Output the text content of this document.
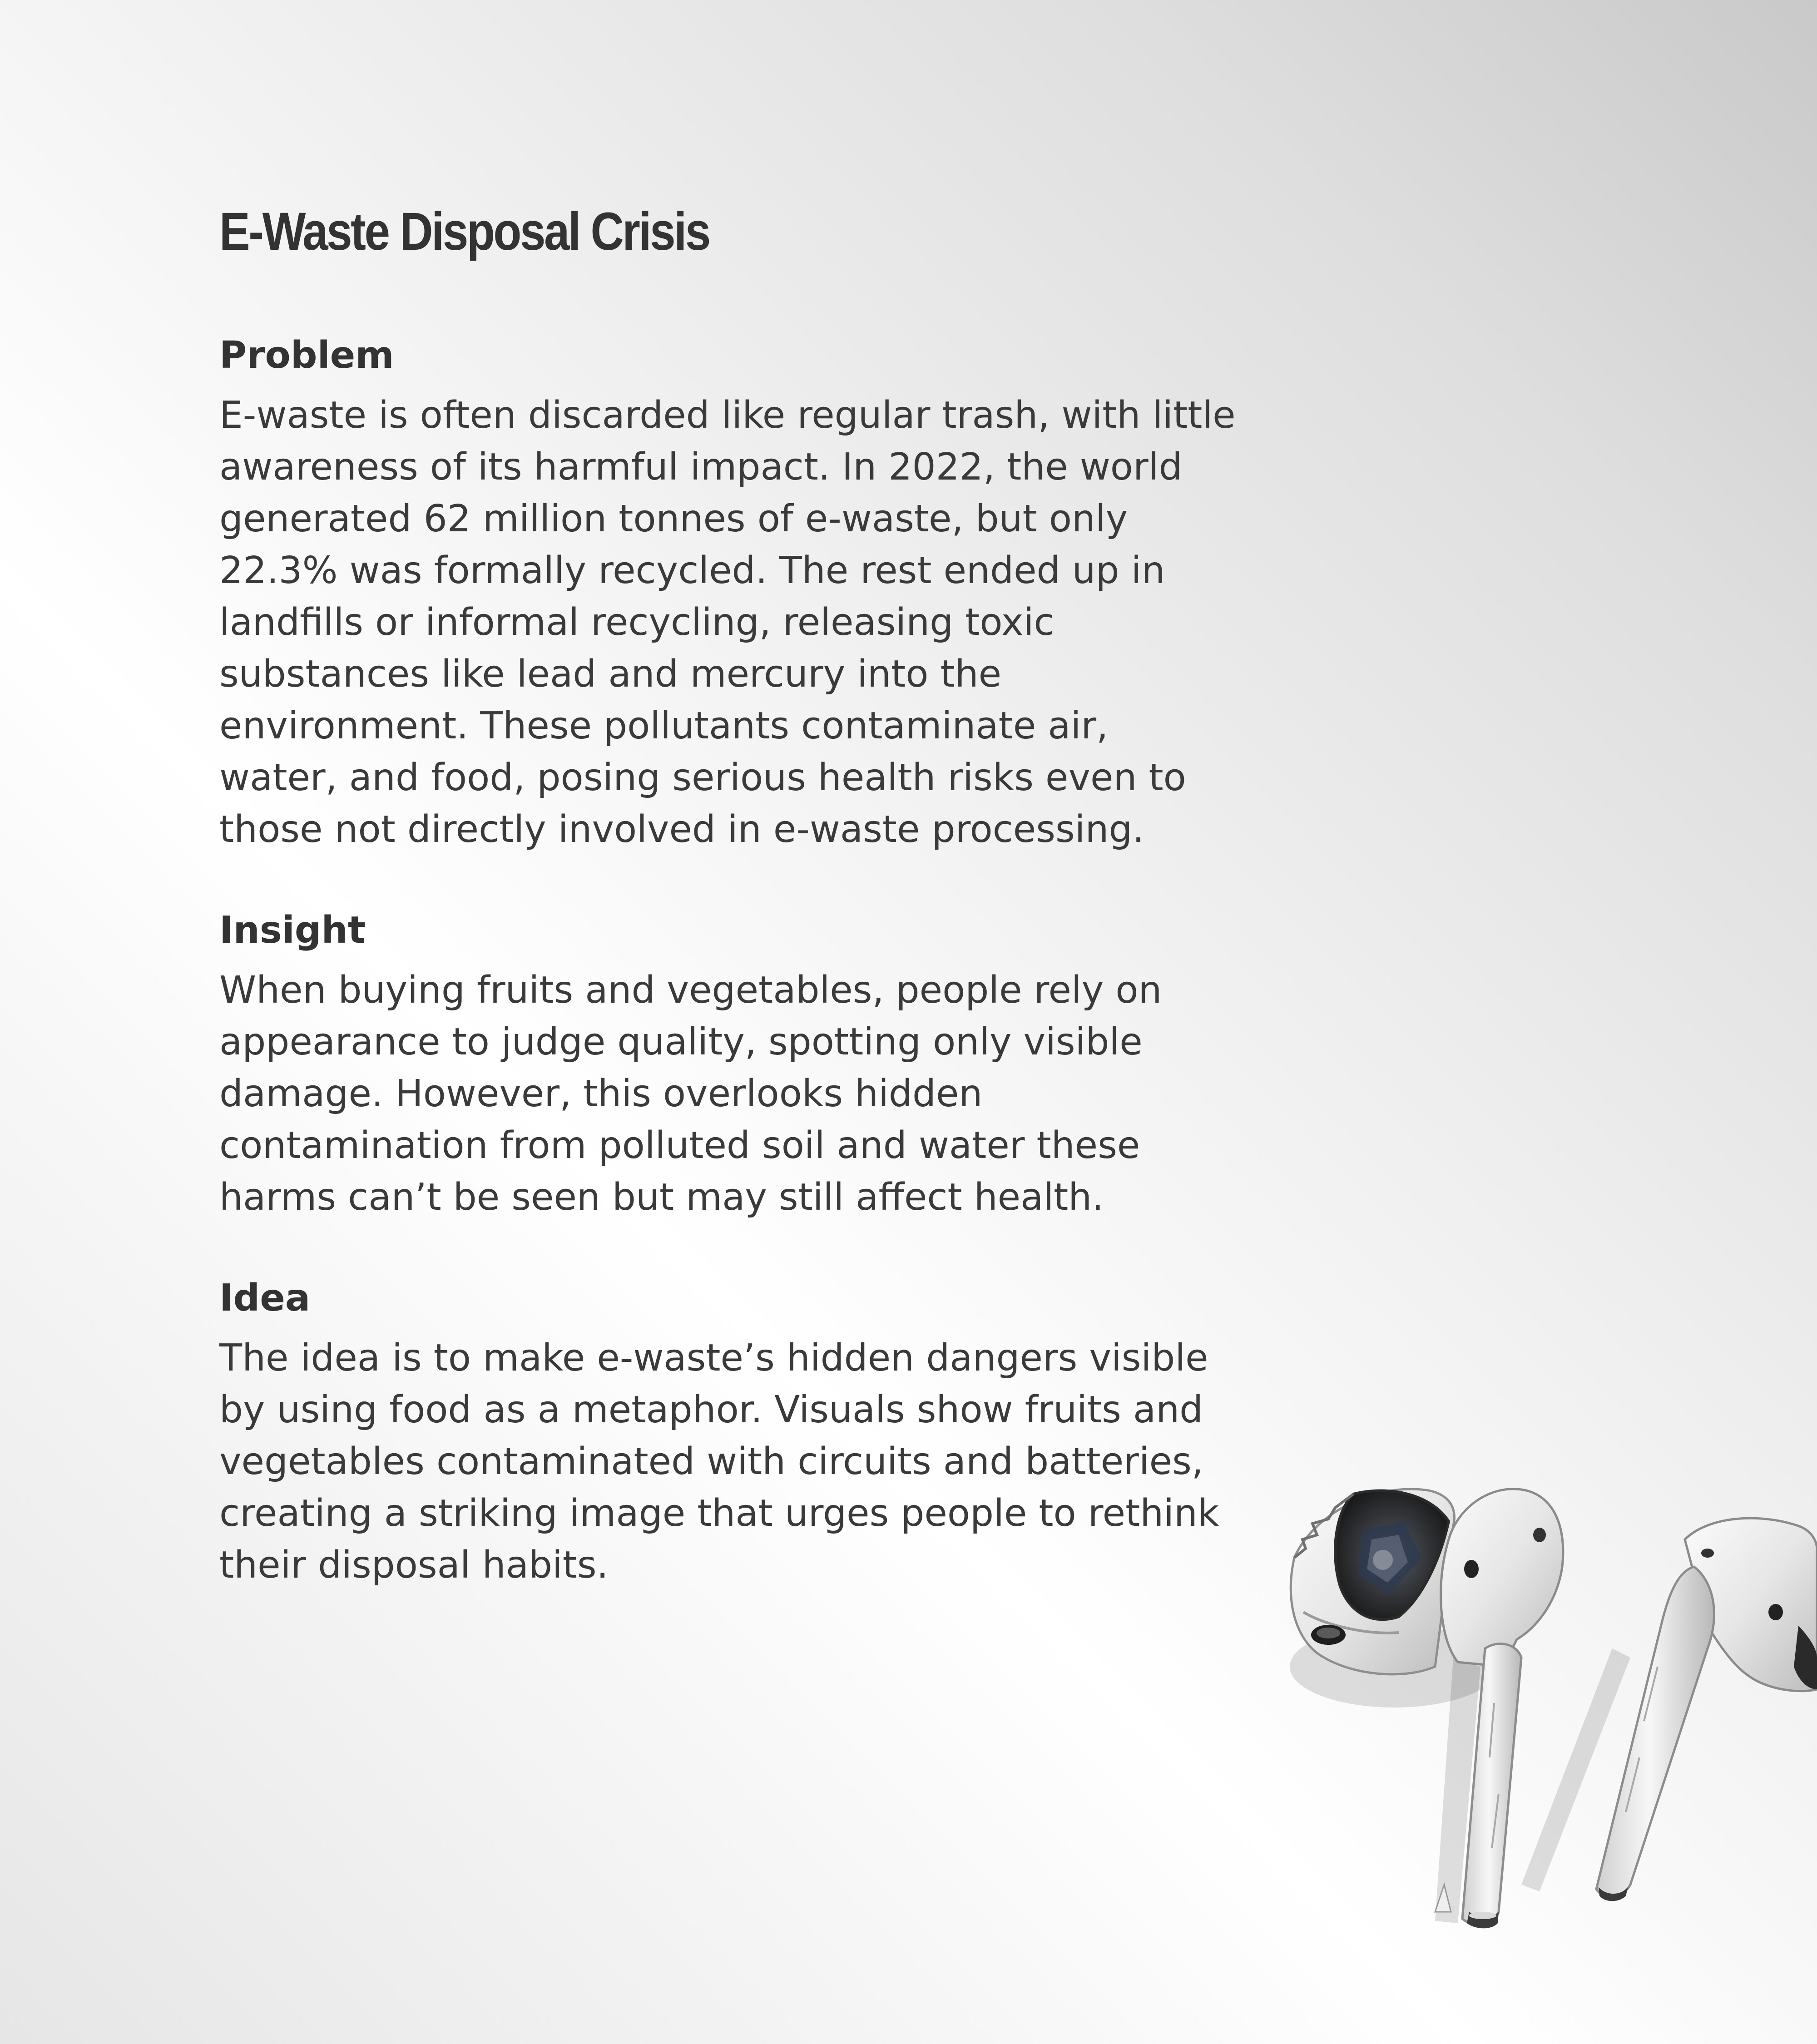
E-Waste Disposal Crisis
Problem

E-waste is often discarded like regular trash, with little awareness of its harmful impact. In 2022, the world generated 62 million tonnes of e-waste, but only 22.3% was formally recycled. The rest ended up in landfills or informal recycling, releasing toxic substances like lead and mercury into the environment. These pollutants contaminate air, water, and food, posing serious health risks even to those not directly involved in e-waste processing.

Insight

When buying fruits and vegetables, people rely on appearance to judge quality, spotting only visible damage. However, this overlooks hidden contamination from polluted soil and water these harms can’t be seen but may still affect health.

Idea

The idea is to make e-waste’s hidden dangers visible by using food as a metaphor. Visuals show fruits and vegetables contaminated with circuits and batteries, creating a striking image that urges people to rethink their disposal habits.
